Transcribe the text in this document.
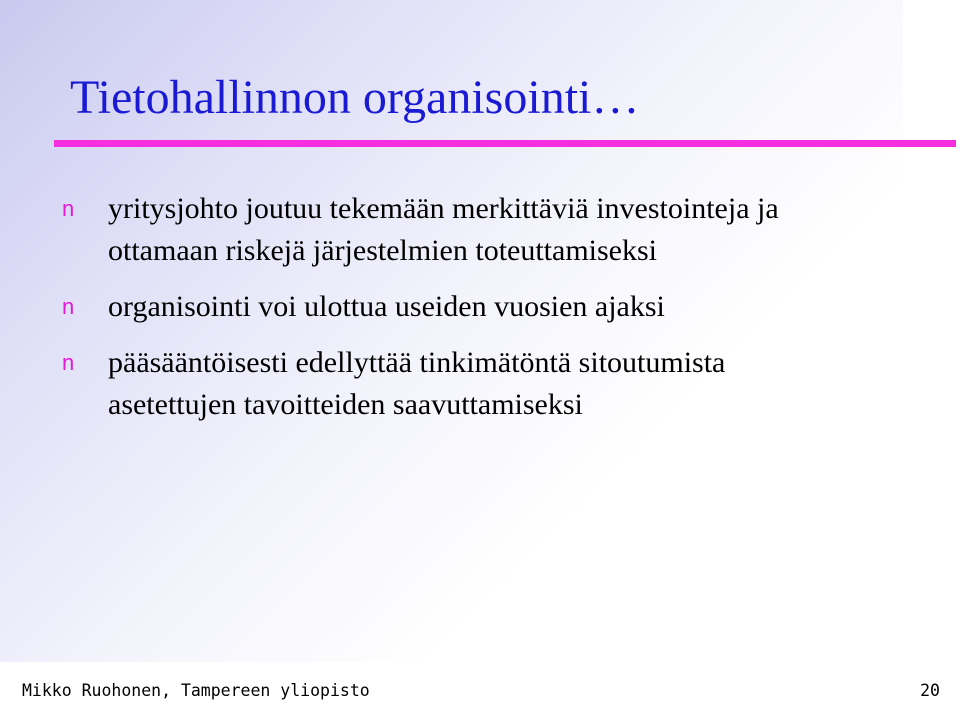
Tietohallinnon organisointi…
n yritysjohto joutuu tekemään merkittäviä investointeja ja ottamaan riskejä järjestelmien toteuttamiseksi
n organisointi voi ulottua useiden vuosien ajaksi
n pääsääntöisesti edellyttää tinkimätöntä sitoutumista asetettujen tavoitteiden saavuttamiseksi
Mikko Ruohonen, Tampereen yliopisto	20
